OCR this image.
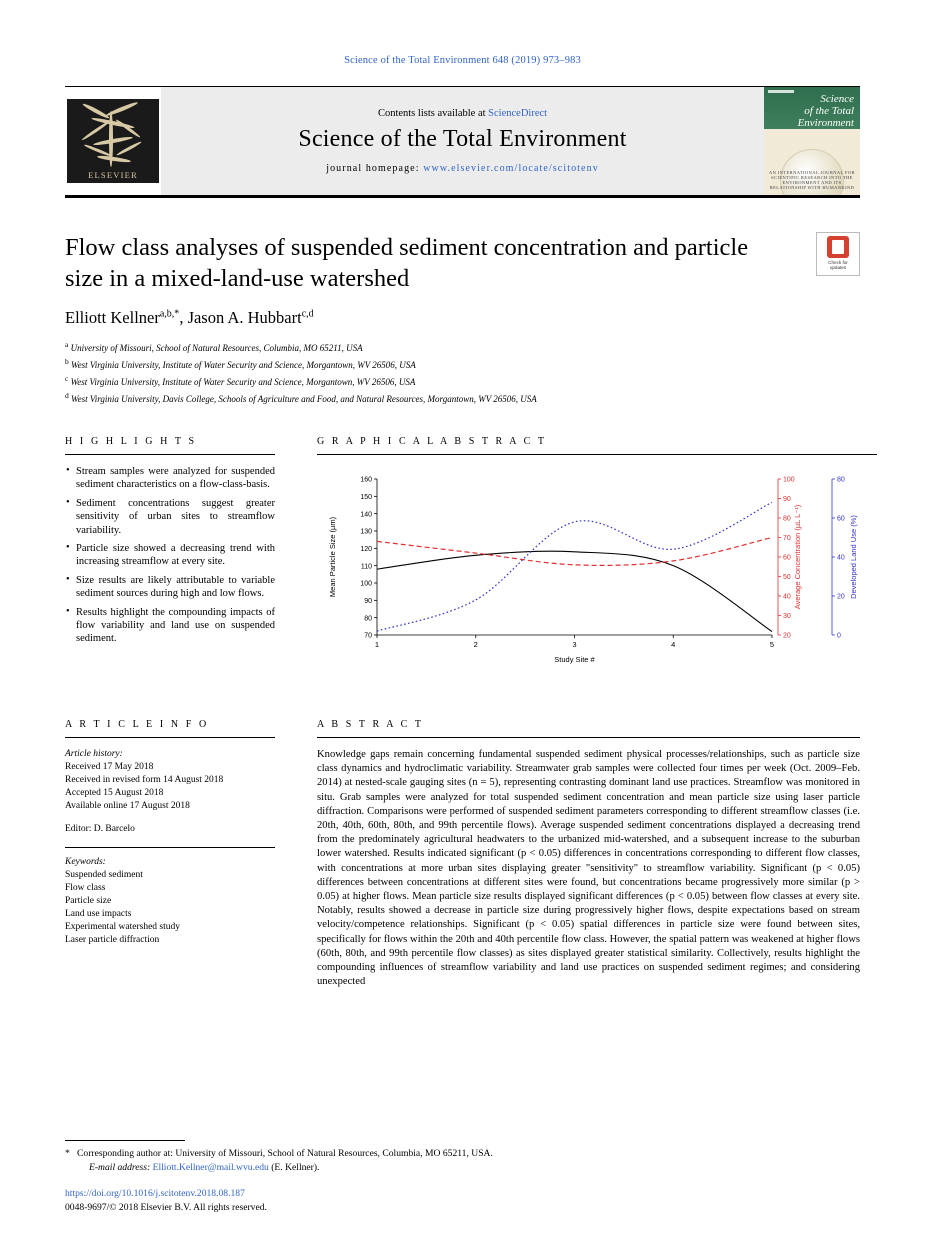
Science of the Total Environment 648 (2019) 973–983
ELSEVIER
Contents lists available at ScienceDirect
Science of the Total Environment
journal homepage: www.elsevier.com/locate/scitotenv
Science
of the Total
Environment
AN INTERNATIONAL JOURNAL FOR SCIENTIFIC RESEARCH INTO THE ENVIRONMENT AND ITS RELATIONSHIP WITH HUMANKIND
Check for
updates
Flow class analyses of suspended sediment concentration and particle size in a mixed-land-use watershed
Elliott Kellner$^{a,b,*}$, Jason A. Hubbart$^{c,d}$
$^a$ University of Missouri, School of Natural Resources, Columbia, MO 65211, USA
$^b$ West Virginia University, Institute of Water Security and Science, Morgantown, WV 26506, USA
$^c$ West Virginia University, Institute of Water Security and Science, Morgantown, WV 26506, USA
$^d$ West Virginia University, Davis College, Schools of Agriculture and Food, and Natural Resources, Morgantown, WV 26506, USA
H I G H L I G H T S
• Stream samples were analyzed for suspended sediment characteristics on a flow-class-basis.
• Sediment concentrations suggest greater sensitivity of urban sites to streamflow variability.
• Particle size showed a decreasing trend with increasing streamflow at every site.
• Size results are likely attributable to variable sediment sources during high and low flows.
• Results highlight the compounding impacts of flow variability and land use on suspended sediment.
G R A P H I C A L A B S T R A C T
1	2	3	4	5
Study Site #
70
80
90
100
110
120
130
140
150
160
Mean Particle Size (µm)
20
30
40
50
60
70
80
90
100
Average Concentration (µL L⁻¹)
0
20
40
60
80
Developed Land Use (%)
A R T I C L E I N F O
Article history:
Received 17 May 2018
Received in revised form 14 August 2018
Accepted 15 August 2018
Available online 17 August 2018
Editor: D. Barcelo
Keywords:
Suspended sediment
Flow class
Particle size
Land use impacts
Experimental watershed study
Laser particle diffraction
A B S T R A C T
Knowledge gaps remain concerning fundamental suspended sediment physical processes/relationships, such as particle size class dynamics and hydroclimatic variability. Streamwater grab samples were collected four times per week (Oct. 2009–Feb. 2014) at nested-scale gauging sites (n = 5), representing contrasting dominant land use practices. Streamflow was monitored in situ. Grab samples were analyzed for total suspended sediment concentration and mean particle size using laser particle diffraction. Comparisons were performed of suspended sediment parameters corresponding to different streamflow classes (i.e. 20th, 40th, 60th, 80th, and 99th percentile flows). Average suspended sediment concentrations displayed a decreasing trend from the predominately agricultural headwaters to the urbanized mid-watershed, and a subsequent increase to the suburban lower watershed. Results indicated significant (p < 0.05) differences in concentrations corresponding to different flow classes, with concentrations at more urban sites displaying greater "sensitivity" to streamflow variability. Significant (p < 0.05) differences between concentrations at different sites were found, but concentrations became progressively more similar (p > 0.05) at higher flows. Mean particle size results displayed significant differences (p < 0.05) between flow classes at every site. Notably, results showed a decrease in particle size during progressively higher flows, despite expectations based on stream velocity/competence relationships. Significant (p < 0.05) spatial differences in particle size were found between sites, specifically for flows within the 20th and 40th percentile flow class. However, the spatial pattern was weakened at higher flows (60th, 80th, and 99th percentile flow classes) as sites displayed greater statistical similarity. Collectively, results highlight the compounding influences of streamflow variability and land use practices on suspended sediment regimes; and considering unexpected
* Corresponding author at: University of Missouri, School of Natural Resources, Columbia, MO 65211, USA.
E-mail address: Elliott.Kellner@mail.wvu.edu (E. Kellner).
https://doi.org/10.1016/j.scitotenv.2018.08.187
0048-9697/© 2018 Elsevier B.V. All rights reserved.
